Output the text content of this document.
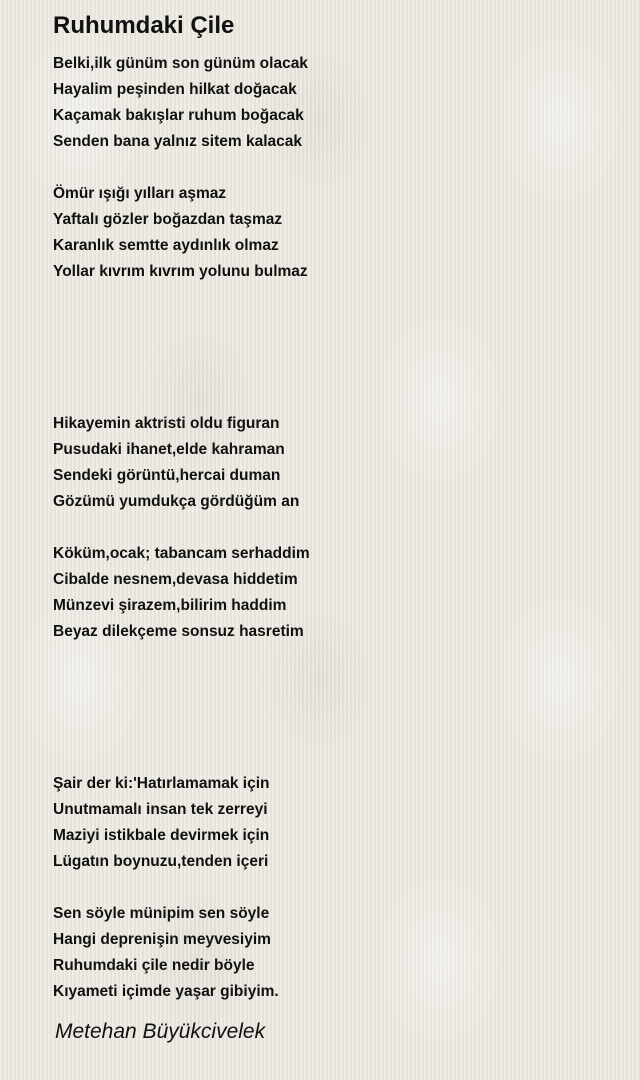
Ruhumdaki Çile
Belki,ilk günüm son günüm olacak
Hayalim peşinden hilkat doğacak
Kaçamak bakışlar ruhum boğacak
Senden bana yalnız sitem kalacak
Ömür ışığı yılları aşmaz
Yaftalı gözler boğazdan taşmaz
Karanlık semtte aydınlık olmaz
Yollar kıvrım kıvrım yolunu bulmaz
Hikayemin aktristi oldu figuran
Pusudaki ihanet,elde kahraman
Sendeki görüntü,hercai duman
Gözümü yumdukça gördüğüm an
Köküm,ocak; tabancam serhaddim
Cibalde nesnem,devasa hiddetim
Münzevi şirazem,bilirim haddim
Beyaz dilekçeme sonsuz hasretim
Şair der ki:'Hatırlamamak için
Unutmamalı insan tek zerreyi
Maziyi istikbale devirmek için
Lügatın boynuzu,tenden içeri
Sen söyle münipim sen söyle
Hangi deprenişin meyvesiyim
Ruhumdaki çile nedir böyle
Kıyameti içimde yaşar gibiyim.
Metehan Büyükcivelek
